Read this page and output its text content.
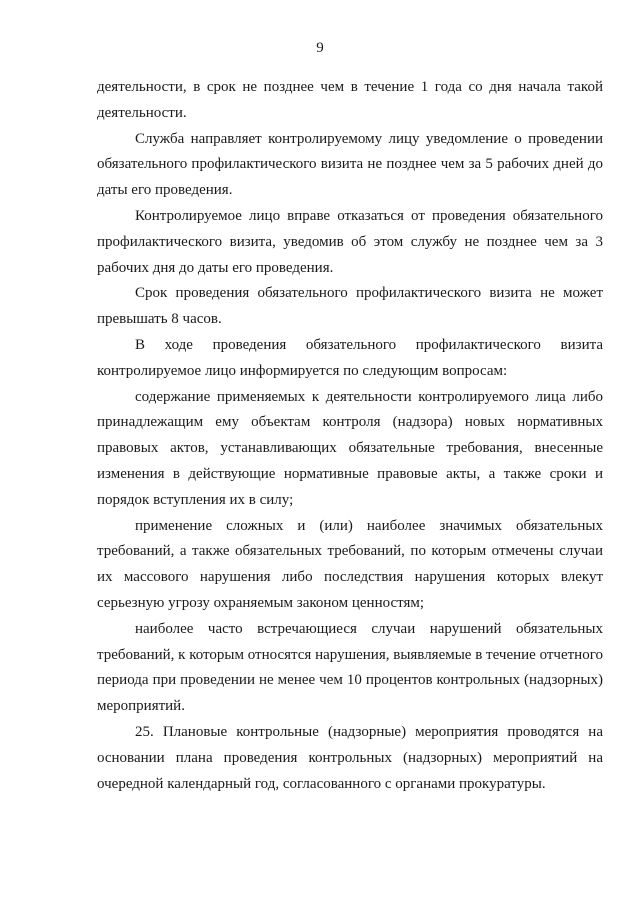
9

деятельности, в срок не позднее чем в течение 1 года со дня начала такой деятельности.

Служба направляет контролируемому лицу уведомление о проведении обязательного профилактического визита не позднее чем за 5 рабочих дней до даты его проведения.

Контролируемое лицо вправе отказаться от проведения обязательного профилактического визита, уведомив об этом службу не позднее чем за 3 рабочих дня до даты его проведения.

Срок проведения обязательного профилактического визита не может превышать 8 часов.

В ходе проведения обязательного профилактического визита контролируемое лицо информируется по следующим вопросам:

содержание применяемых к деятельности контролируемого лица либо принадлежащим ему объектам контроля (надзора) новых нормативных правовых актов, устанавливающих обязательные требования, внесенные изменения в действующие нормативные правовые акты, а также сроки и порядок вступления их в силу;

применение сложных и (или) наиболее значимых обязательных требований, а также обязательных требований, по которым отмечены случаи их массового нарушения либо последствия нарушения которых влекут серьезную угрозу охраняемым законом ценностям;

наиболее часто встречающиеся случаи нарушений обязательных требований, к которым относятся нарушения, выявляемые в течение отчетного периода при проведении не менее чем 10 процентов контрольных (надзорных) мероприятий.

25. Плановые контрольные (надзорные) мероприятия проводятся на основании плана проведения контрольных (надзорных) мероприятий на очередной календарный год, согласованного с органами прокуратуры.
